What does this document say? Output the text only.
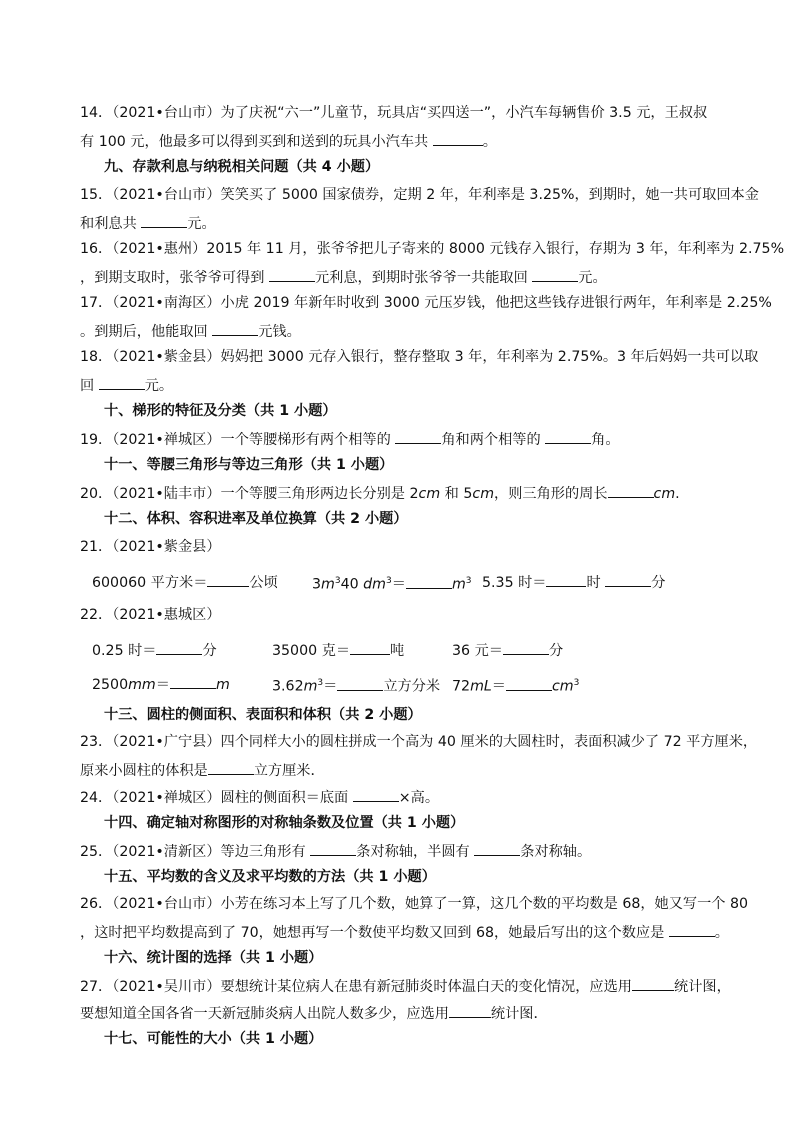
14．（2021•台山市）为了庆祝“六一”儿童节，玩具店“买四送一”，小汽车每辆售价 3.5 元，王叔叔
有 100 元，他最多可以得到买到和送到的玩具小汽车共	。
九、存款利息与纳税相关问题（共 4 小题）
15．（2021•台山市）笑笑买了 5000 国家债券，定期 2 年，年利率是 3.25%，到期时，她一共可取回本金
和利息共	元。
16．（2021•惠州）2015 年 11 月，张爷爷把儿子寄来的 8000 元钱存入银行，存期为 3 年，年利率为 2.75%
，到期支取时，张爷爷可得到	元利息，到期时张爷爷一共能取回	元。
17．（2021•南海区）小虎 2019 年新年时收到 3000 元压岁钱，他把这些钱存进银行两年，年利率是 2.25%
。到期后，他能取回	元钱。
18．（2021•紫金县）妈妈把 3000 元存入银行，整存整取 3 年，年利率为 2.75%。3 年后妈妈一共可以取
回	元。
十、梯形的特征及分类（共 1 小题）
19．（2021•禅城区）一个等腰梯形有两个相等的	角和两个相等的	角。
十一、等腰三角形与等边三角形（共 1 小题）
20．（2021•陆丰市）一个等腰三角形两边长分别是 2cm 和 5cm，则三角形的周长	cm.
十二、体积、容积进率及单位换算（共 2 小题）
21．（2021•紫金县）
600060 平方米＝	公顷 $3m^340$ $dm^3=$	$m^3$ 5.35 时＝	时	分
22．（2021•惠城区）
0.25 时＝	分	35000 克＝	吨	36 元＝	分
2500mm＝	m	$3.62m^3=$	立方分米 72mL＝	$cm^3$
十三、圆柱的侧面积、表面积和体积（共 2 小题）
23．（2021•广宁县）四个同样大小的圆柱拼成一个高为 40 厘米的大圆柱时，表面积减少了 72 平方厘米，
原来小圆柱的体积是	立方厘米．
24．（2021•禅城区）圆柱的侧面积＝底面	×高。
十四、确定轴对称图形的对称轴条数及位置（共 1 小题）
25．（2021•清新区）等边三角形有	条对称轴，半圆有	条对称轴。
十五、平均数的含义及求平均数的方法（共 1 小题）
26．（2021•台山市）小芳在练习本上写了几个数，她算了一算，这几个数的平均数是 68，她又写一个 80
，这时把平均数提高到了 70，她想再写一个数使平均数又回到 68，她最后写出的这个数应是	。
十六、统计图的选择（共 1 小题）
27．（2021•吴川市）要想统计某位病人在患有新冠肺炎时体温白天的变化情况，应选用	统计图，
要想知道全国各省一天新冠肺炎病人出院人数多少，应选用	统计图．
十七、可能性的大小（共 1 小题）
